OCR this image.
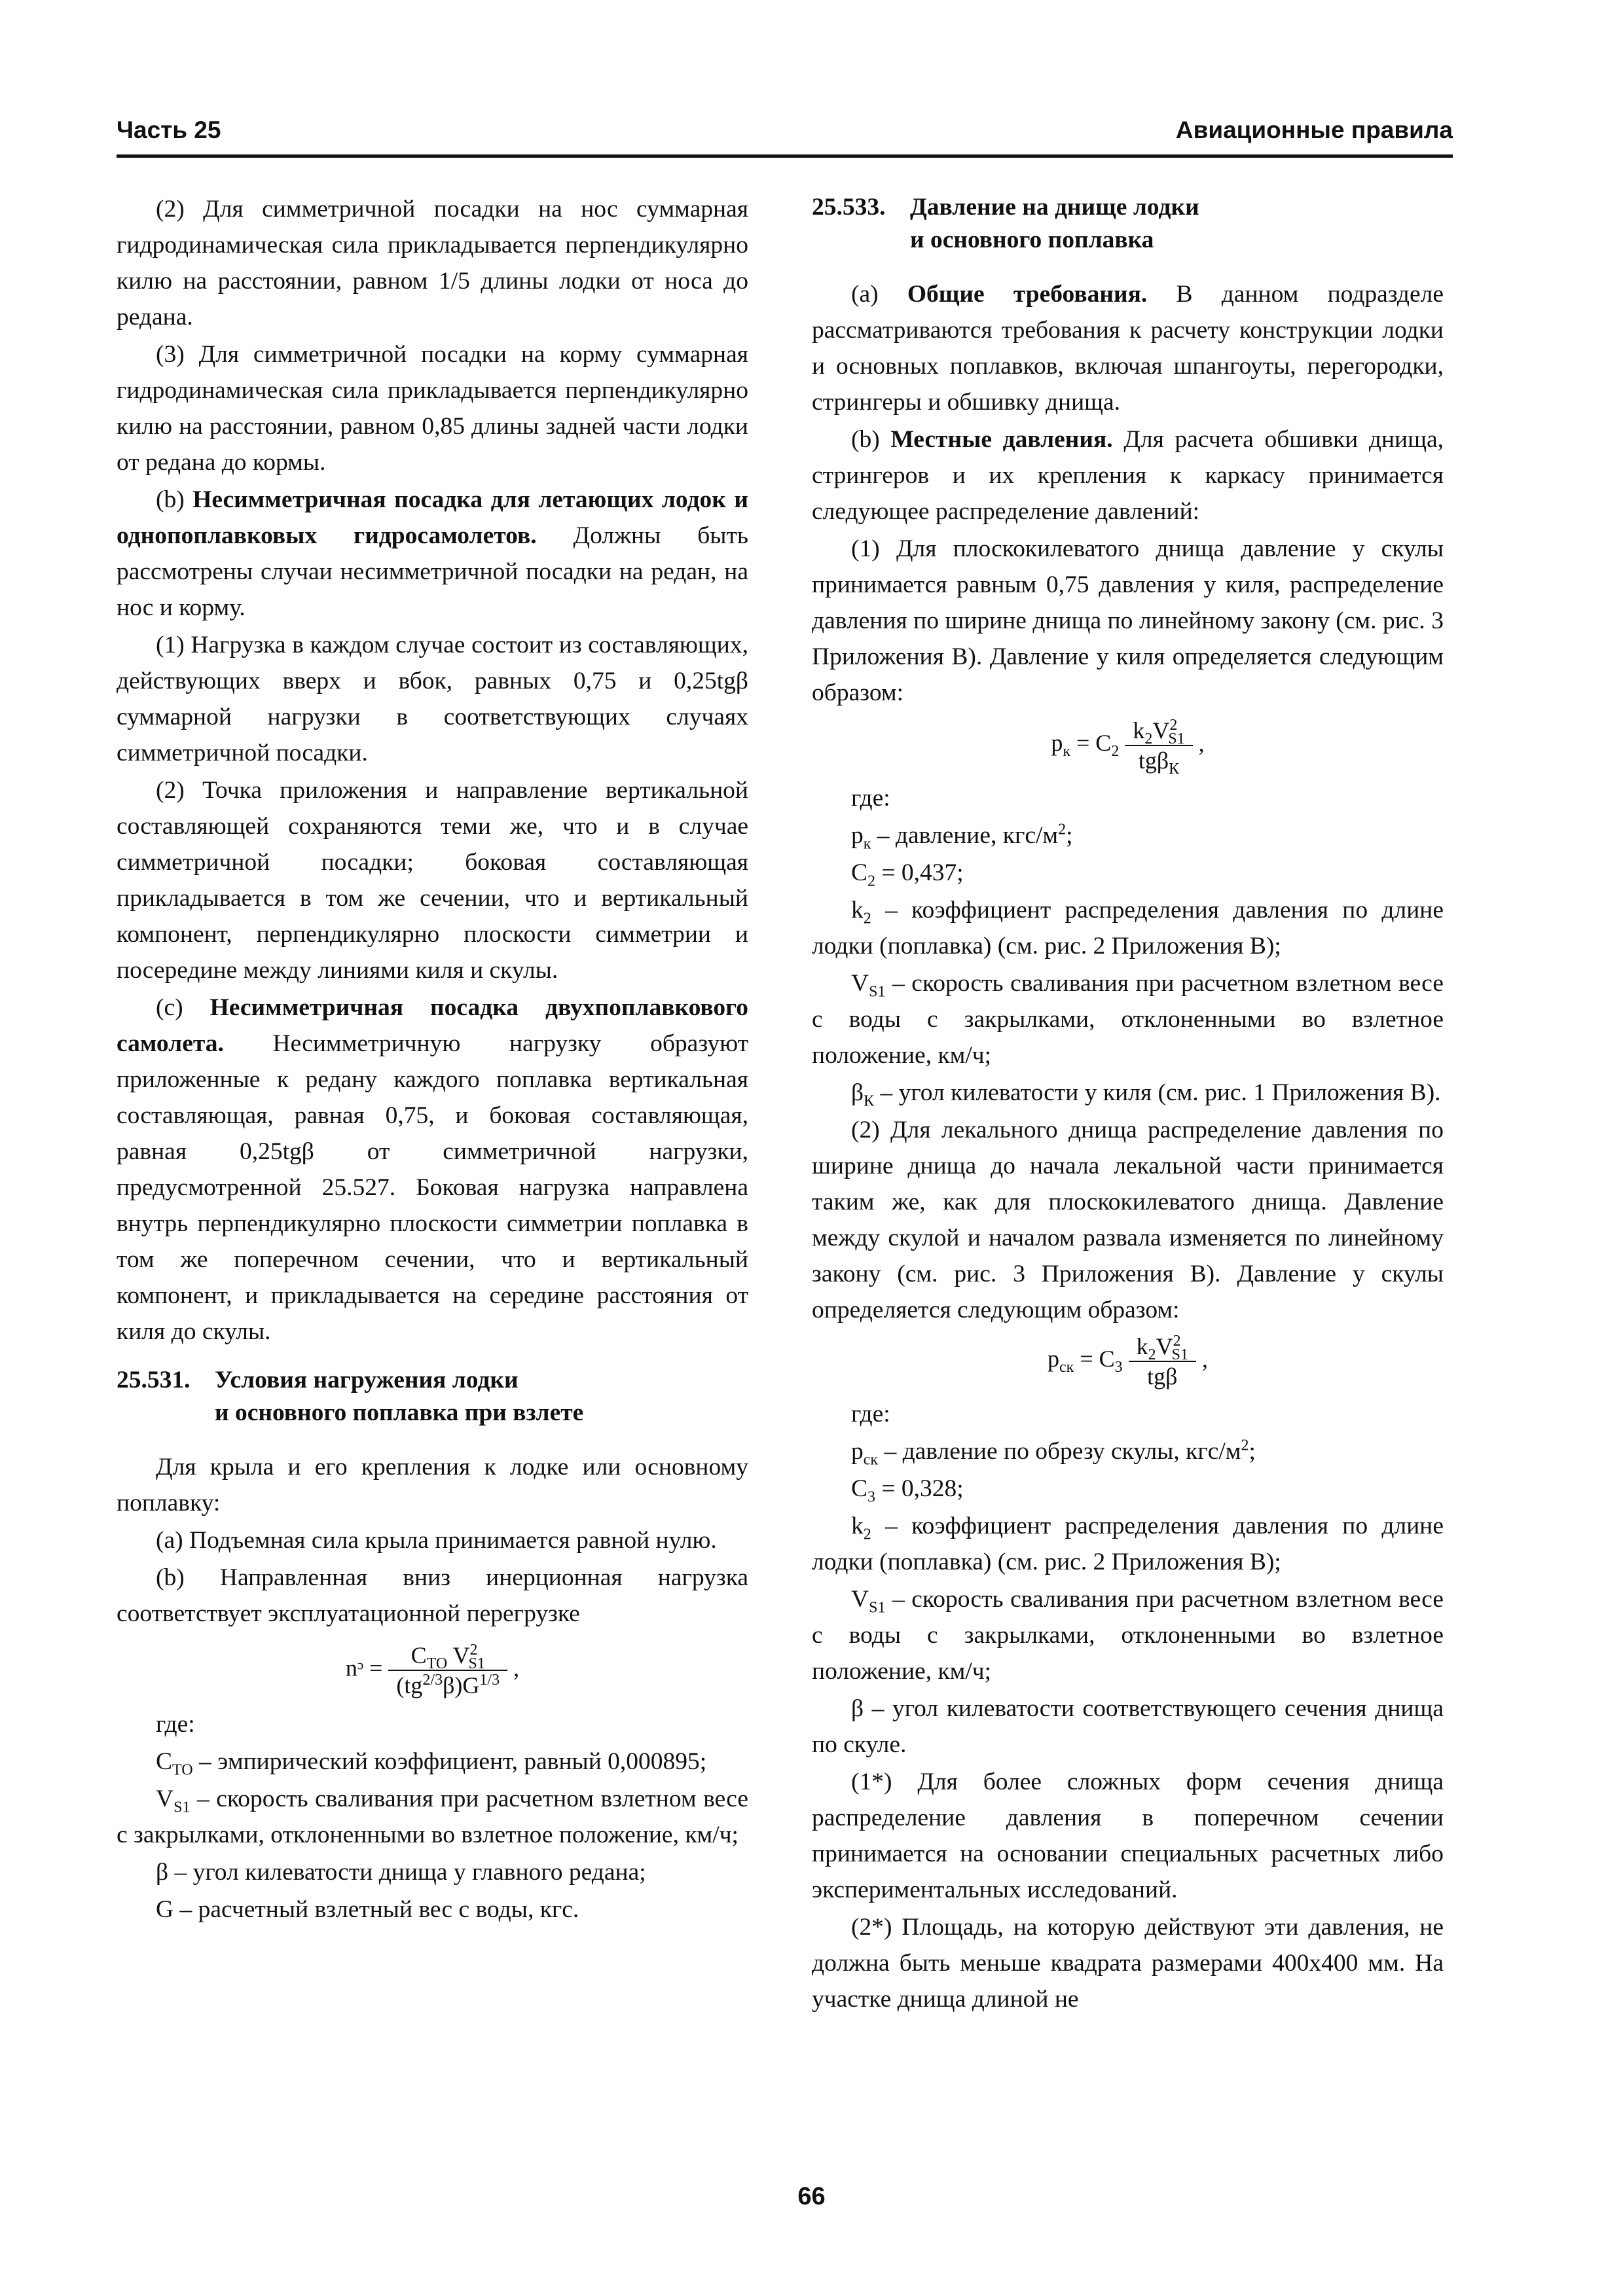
Часть 25	Авиационные правила

(2) Для симметричной посадки на нос суммарная гидродинамическая сила прикладывается перпендикулярно килю на расстоянии, равном 1/5 длины лодки от носа до редана.

(3) Для симметричной посадки на корму суммарная гидродинамическая сила прикладывается перпендикулярно килю на расстоянии, равном 0,85 длины задней части лодки от редана до кормы.

(b) Несимметричная посадка для летающих лодок и однопоплавковых гидросамолетов. Должны быть рассмотрены случаи несимметричной посадки на редан, на нос и корму.

(1) Нагрузка в каждом случае состоит из составляющих, действующих вверх и вбок, равных 0,75 и 0,25tgβ суммарной нагрузки в соответствующих случаях симметричной посадки.

(2) Точка приложения и направление вертикальной составляющей сохраняются теми же, что и в случае симметричной посадки; боковая составляющая прикладывается в том же сечении, что и вертикальный компонент, перпендикулярно плоскости симметрии и посередине между линиями киля и скулы.

(c) Несимметричная посадка двухпоплавкового самолета. Несимметричную нагрузку образуют приложенные к редану каждого поплавка вертикальная составляющая, равная 0,75, и боковая составляющая, равная 0,25tgβ от симметричной нагрузки, предусмотренной 25.527. Боковая нагрузка направлена внутрь перпендикулярно плоскости симметрии поплавка в том же поперечном сечении, что и вертикальный компонент, и прикладывается на середине расстояния от киля до скулы.

25.531. Условия нагружения лодки
и основного поплавка при взлете

Для крыла и его крепления к лодке или основному поплавку:

(a) Подъемная сила крыла принимается равной нулю.

(b) Направленная вниз инерционная нагрузка соответствует эксплуатационной перегрузке

nᵓ = $\frac{C_{TO} V^2_{S1}}{(tg^{2/3}\beta)G^{1/3}}$ ,

где:

$C_{TO}$ – эмпирический коэффициент, равный 0,000895;

$V_{S1}$ – скорость сваливания при расчетном взлетном весе с закрылками, отклоненными во взлетное положение, км/ч;

β – угол килеватости днища у главного редана;

G – расчетный взлетный вес с воды, кгс.

25.533. Давление на днище лодки
и основного поплавка

(a) Общие требования. В данном подразделе рассматриваются требования к расчету конструкции лодки и основных поплавков, включая шпангоуты, перегородки, стрингеры и обшивку днища.

(b) Местные давления. Для расчета обшивки днища, стрингеров и их крепления к каркасу принимается следующее распределение давлений:

(1) Для плоскокилеватого днища давление у скулы принимается равным 0,75 давления у киля, распределение давления по ширине днища по линейному закону (см. рис. 3 Приложения В). Давление у киля определяется следующим образом:

$p_к = C_2 \frac{k_2V^2_{S1}}{tg\beta_К}$ ,

где:

$p_к$ – давление, кгс/$м^2$;

$C_2 = 0,437$;

$k_2$ – коэффициент распределения давления по длине лодки (поплавка) (см. рис. 2 Приложения В);

$V_{S1}$ – скорость сваливания при расчетном взлетном весе с воды с закрылками, отклоненными во взлетное положение, км/ч;

$\beta_К$ – угол килеватости у киля (см. рис. 1 Приложения В).

(2) Для лекального днища распределение давления по ширине днища до начала лекальной части принимается таким же, как для плоскокилеватого днища. Давление между скулой и началом развала изменяется по линейному закону (см. рис. 3 Приложения В). Давление у скулы определяется следующим образом:

$p_{ск} = C_3 \frac{k_2V^2_{S1}}{\text{tgβ}}$ ,

где:

$p_{ск}$ – давление по обрезу скулы, кгс/$м^2$;

$C_3 = 0,328$;

$k_2$ – коэффициент распределения давления по длине лодки (поплавка) (см. рис. 2 Приложения В);

$V_{S1}$ – скорость сваливания при расчетном взлетном весе с воды с закрылками, отклоненными во взлетное положение, км/ч;

β – угол килеватости соответствующего сечения днища по скуле.

(1*) Для более сложных форм сечения днища распределение давления в поперечном сечении принимается на основании специальных расчетных либо экспериментальных исследований.

(2*) Площадь, на которую действуют эти давления, не должна быть меньше квадрата размерами 400x400 мм. На участке днища длиной не

66
